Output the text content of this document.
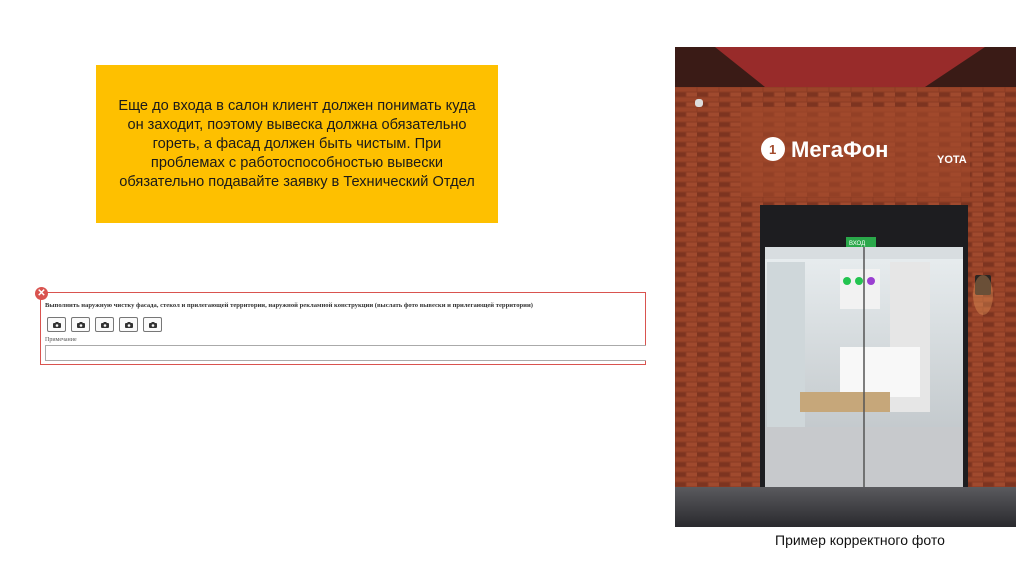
Еще до входа в салон клиент должен понимать куда он заходит, поэтому вывеска должна обязательно гореть, а фасад должен быть чистым. При проблемах с работоспособностью вывески обязательно подавайте заявку в Технический Отдел

✕
Выполнить наружную чистку фасада, стекол и прилегающей территории, наружной рекламной конструкции (выслать фото вывески и прилегающей территории)
Примечание
1 МегаФон	YOTA
ВХОД
Пример корректного фото
